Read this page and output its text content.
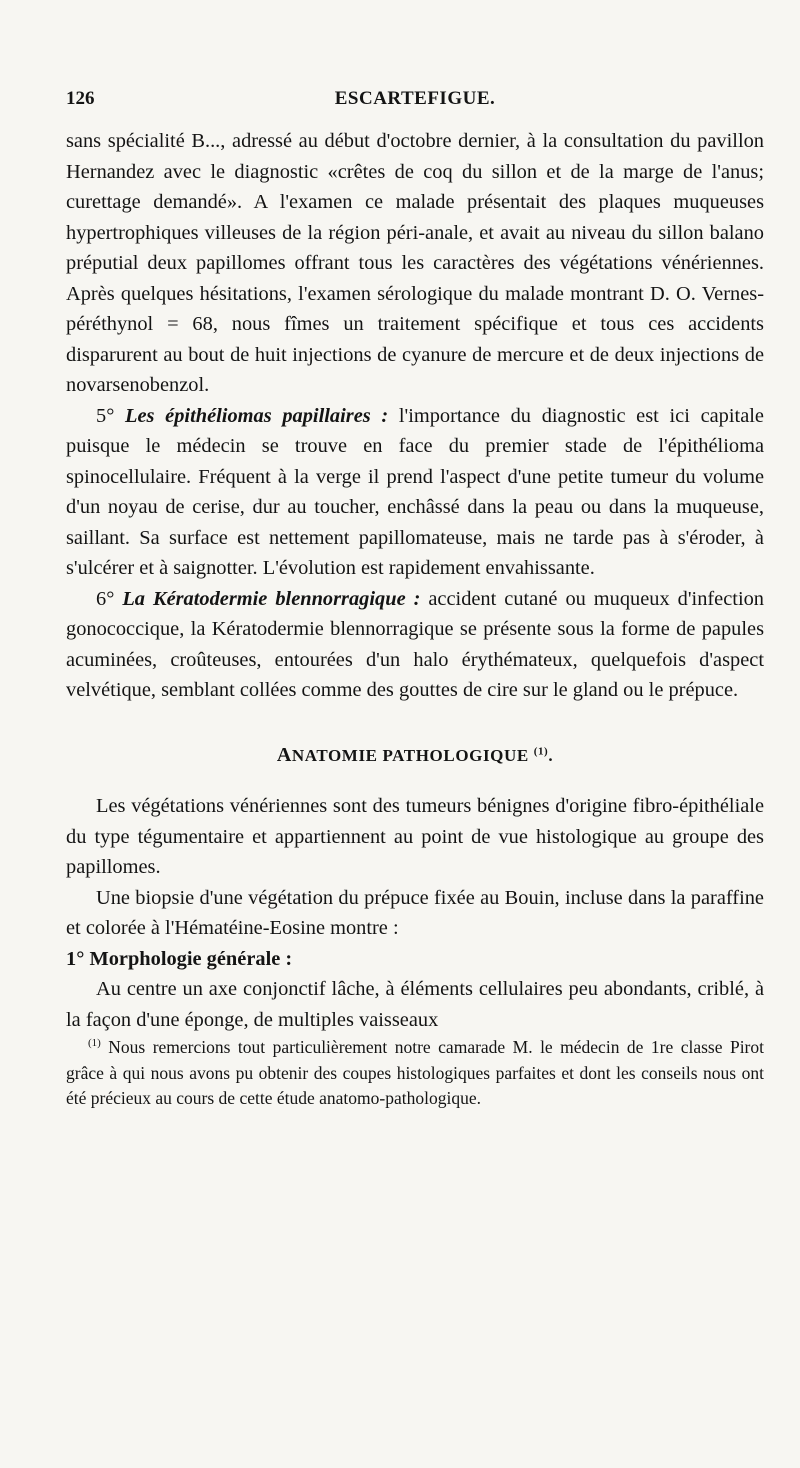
126	ESCARTEFIGUE.

sans spécialité B..., adressé au début d'octobre dernier, à la consultation du pavillon Hernandez avec le diagnostic «crêtes de coq du sillon et de la marge de l'anus; curettage demandé». A l'examen ce malade présentait des plaques muqueuses hypertrophiques villeuses de la région péri-anale, et avait au niveau du sillon balano préputial deux papillomes offrant tous les caractères des végétations vénériennes. Après quelques hésitations, l'examen sérologique du malade montrant D. O. Vernes-péréthynol = 68, nous fîmes un traitement spécifique et tous ces accidents disparurent au bout de huit injections de cyanure de mercure et de deux injections de novarsenobenzol.

5° Les épithéliomas papillaires : l'importance du diagnostic est ici capitale puisque le médecin se trouve en face du premier stade de l'épithélioma spinocellulaire. Fréquent à la verge il prend l'aspect d'une petite tumeur du volume d'un noyau de cerise, dur au toucher, enchâssé dans la peau ou dans la muqueuse, saillant. Sa surface est nettement papillomateuse, mais ne tarde pas à s'éroder, à s'ulcérer et à saignotter. L'évolution est rapidement envahissante.

6° La Kératodermie blennorragique : accident cutané ou muqueux d'infection gonococcique, la Kératodermie blennorragique se présente sous la forme de papules acuminées, croûteuses, entourées d'un halo érythémateux, quelquefois d'aspect velvétique, semblant collées comme des gouttes de cire sur le gland ou le prépuce.

ANATOMIE PATHOLOGIQUE $^{(1)}$.

Les végétations vénériennes sont des tumeurs bénignes d'origine fibro-épithéliale du type tégumentaire et appartiennent au point de vue histologique au groupe des papillomes.

Une biopsie d'une végétation du prépuce fixée au Bouin, incluse dans la paraffine et colorée à l'Hématéine-Eosine montre :

1° Morphologie générale :

Au centre un axe conjonctif lâche, à éléments cellulaires peu abondants, criblé, à la façon d'une éponge, de multiples vaisseaux

$^{(1)}$ Nous remercions tout particulièrement notre camarade M. le médecin de 1re classe Pirot grâce à qui nous avons pu obtenir des coupes histologiques parfaites et dont les conseils nous ont été précieux au cours de cette étude anatomo-pathologique.
